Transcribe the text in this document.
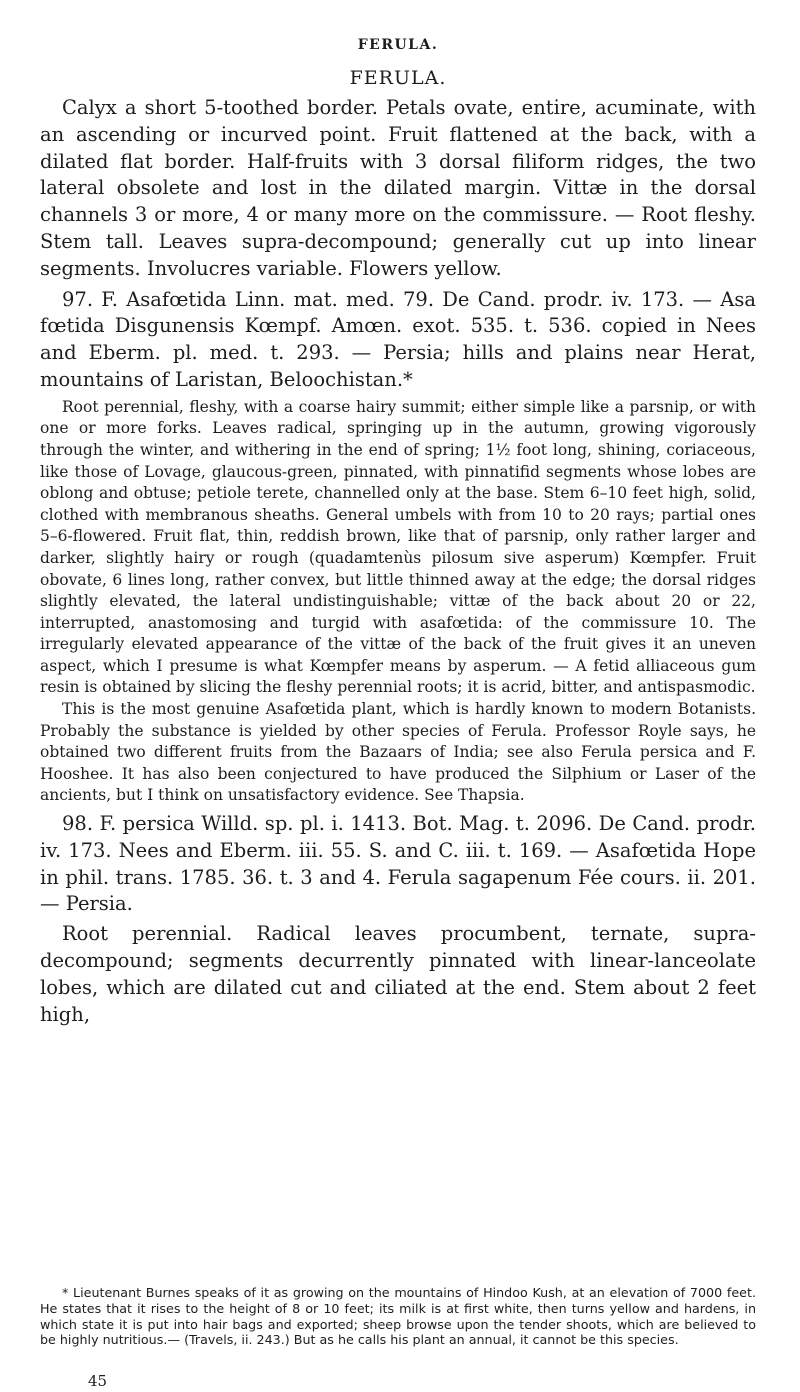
FERULA.
FERULA.

Calyx a short 5-toothed border. Petals ovate, entire, acuminate, with an ascending or incurved point. Fruit flattened at the back, with a dilated flat border. Half-fruits with 3 dorsal filiform ridges, the two lateral obsolete and lost in the dilated margin. Vittæ in the dorsal channels 3 or more, 4 or many more on the commissure. — Root fleshy. Stem tall. Leaves supra-decompound; generally cut up into linear segments. Involucres variable. Flowers yellow.

97. F. Asafœtida Linn. mat. med. 79. De Cand. prodr. iv. 173. — Asa fœtida Disgunensis Kœmpf. Amœn. exot. 535. t. 536. copied in Nees and Eberm. pl. med. t. 293. — Persia; hills and plains near Herat, mountains of Laristan, Beloochistan.*

Root perennial, fleshy, with a coarse hairy summit; either simple like a parsnip, or with one or more forks. Leaves radical, springing up in the autumn, growing vigorously through the winter, and withering in the end of spring; 1½ foot long, shining, coriaceous, like those of Lovage, glaucous-green, pinnated, with pinnatifid segments whose lobes are oblong and obtuse; petiole terete, channelled only at the base. Stem 6–10 feet high, solid, clothed with membranous sheaths. General umbels with from 10 to 20 rays; partial ones 5–6-flowered. Fruit flat, thin, reddish brown, like that of parsnip, only rather larger and darker, slightly hairy or rough (quadamtenùs pilosum sive asperum) Kœmpfer. Fruit obovate, 6 lines long, rather convex, but little thinned away at the edge; the dorsal ridges slightly elevated, the lateral undistinguishable; vittæ of the back about 20 or 22, interrupted, anastomosing and turgid with asafœtida: of the commissure 10. The irregularly elevated appearance of the vittæ of the back of the fruit gives it an uneven aspect, which I presume is what Kœmpfer means by asperum. — A fetid alliaceous gum resin is obtained by slicing the fleshy perennial roots; it is acrid, bitter, and antispasmodic.

This is the most genuine Asafœtida plant, which is hardly known to modern Botanists. Probably the substance is yielded by other species of Ferula. Professor Royle says, he obtained two different fruits from the Bazaars of India; see also Ferula persica and F. Hooshee. It has also been conjectured to have produced the Silphium or Laser of the ancients, but I think on unsatisfactory evidence. See Thapsia.

98. F. persica Willd. sp. pl. i. 1413. Bot. Mag. t. 2096. De Cand. prodr. iv. 173. Nees and Eberm. iii. 55. S. and C. iii. t. 169. — Asafœtida Hope in phil. trans. 1785. 36. t. 3 and 4. Ferula sagapenum Fée cours. ii. 201. — Persia.

Root perennial. Radical leaves procumbent, ternate, supra-decompound; segments decurrently pinnated with linear-lanceolate lobes, which are dilated cut and ciliated at the end. Stem about 2 feet high,

* Lieutenant Burnes speaks of it as growing on the mountains of Hindoo Kush, at an elevation of 7000 feet. He states that it rises to the height of 8 or 10 feet; its milk is at first white, then turns yellow and hardens, in which state it is put into hair bags and exported; sheep browse upon the tender shoots, which are believed to be highly nutritious.— (Travels, ii. 243.) But as he calls his plant an annual, it cannot be this species.

45
